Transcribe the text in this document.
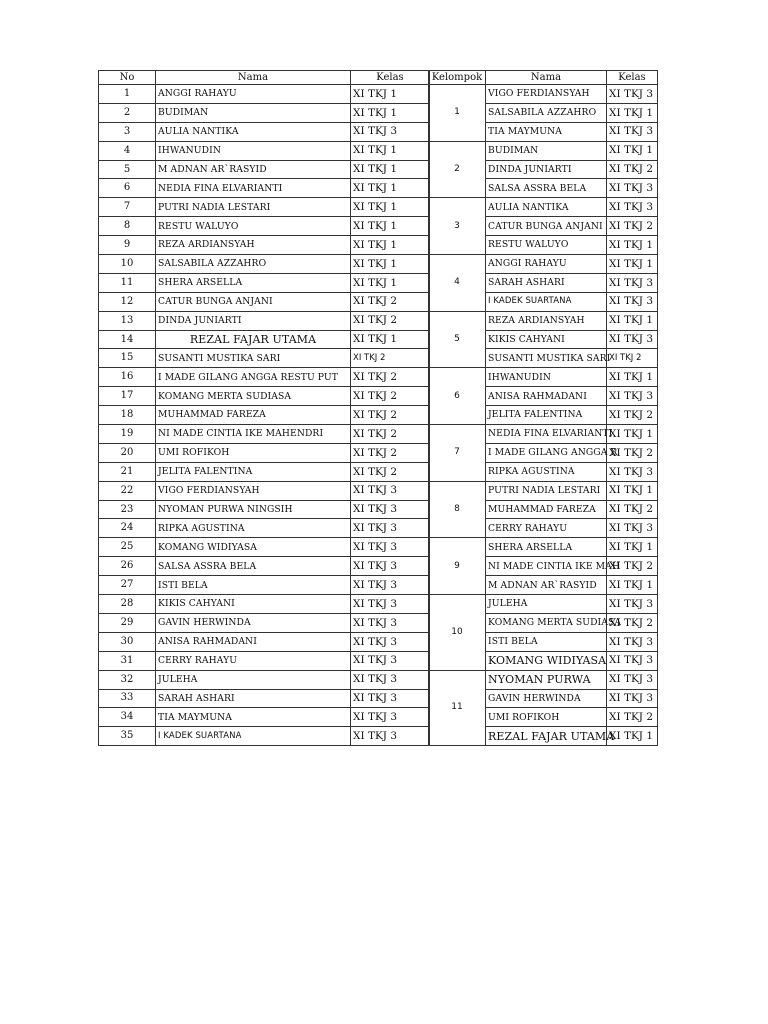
No	Nama	Kelas
1	ANGGI RAHAYU	XI TKJ 1
2	BUDIMAN	XI TKJ 1
3	AULIA NANTIKA	XI TKJ 3
4	IHWANUDIN	XI TKJ 1
5	M ADNAN AR`RASYID	XI TKJ 1
6	NEDIA FINA ELVARIANTI	XI TKJ 1
7	PUTRI NADIA LESTARI	XI TKJ 1
8	RESTU WALUYO	XI TKJ 1
9	REZA ARDIANSYAH	XI TKJ 1
10	SALSABILA AZZAHRO	XI TKJ 1
11	SHERA ARSELLA	XI TKJ 1
12	CATUR BUNGA ANJANI	XI TKJ 2
13	DINDA JUNIARTI	XI TKJ 2
14	REZAL FAJAR UTAMA	XI TKJ 1
15	SUSANTI MUSTIKA SARI	XI TKJ 2
16	I MADE GILANG ANGGA RESTU PUT	XI TKJ 2
17	KOMANG MERTA SUDIASA	XI TKJ 2
18	MUHAMMAD FAREZA	XI TKJ 2
19	NI MADE CINTIA IKE MAHENDRI	XI TKJ 2
20	UMI ROFIKOH	XI TKJ 2
21	JELITA FALENTINA	XI TKJ 2
22	VIGO FERDIANSYAH	XI TKJ 3
23	NYOMAN PURWA NINGSIH	XI TKJ 3
24	RIPKA AGUSTINA	XI TKJ 3
25	KOMANG WIDIYASA	XI TKJ 3
26	SALSA ASSRA BELA	XI TKJ 3
27	ISTI BELA	XI TKJ 3
28	KIKIS CAHYANI	XI TKJ 3
29	GAVIN HERWINDA	XI TKJ 3
30	ANISA RAHMADANI	XI TKJ 3
31	CERRY RAHAYU	XI TKJ 3
32	JULEHA	XI TKJ 3
33	SARAH ASHARI	XI TKJ 3
34	TIA MAYMUNA	XI TKJ 3
35	I KADEK SUARTANA	XI TKJ 3
Kelompok	Nama	Kelas
1	VIGO FERDIANSYAH	XI TKJ 3
	SALSABILA AZZAHRO	XI TKJ 1
	TIA MAYMUNA	XI TKJ 3
2	BUDIMAN	XI TKJ 1
	DINDA JUNIARTI	XI TKJ 2
	SALSA ASSRA BELA	XI TKJ 3
3	AULIA NANTIKA	XI TKJ 3
	CATUR BUNGA ANJANI	XI TKJ 2
	RESTU WALUYO	XI TKJ 1
4	ANGGI RAHAYU	XI TKJ 1
	SARAH ASHARI	XI TKJ 3
	I KADEK SUARTANA	XI TKJ 3
5	REZA ARDIANSYAH	XI TKJ 1
	KIKIS CAHYANI	XI TKJ 3
	SUSANTI MUSTIKA SARI	XI TKJ 2
6	IHWANUDIN	XI TKJ 1
	ANISA RAHMADANI	XI TKJ 3
	JELITA FALENTINA	XI TKJ 2
7	NEDIA FINA ELVARIANTI	XI TKJ 1
	I MADE GILANG ANGGA R	XI TKJ 2
	RIPKA AGUSTINA	XI TKJ 3
8	PUTRI NADIA LESTARI	XI TKJ 1
	MUHAMMAD FAREZA	XI TKJ 2
	CERRY RAHAYU	XI TKJ 3
9	SHERA ARSELLA	XI TKJ 1
	NI MADE CINTIA IKE MAH	XI TKJ 2
	M ADNAN AR`RASYID	XI TKJ 1
10	JULEHA	XI TKJ 3
	KOMANG MERTA SUDIASA	XI TKJ 2
	ISTI BELA	XI TKJ 3
	KOMANG WIDIYASA	XI TKJ 3
11	NYOMAN PURWA	XI TKJ 3
	GAVIN HERWINDA	XI TKJ 3
	UMI ROFIKOH	XI TKJ 2
	REZAL FAJAR UTAMA	XI TKJ 1
